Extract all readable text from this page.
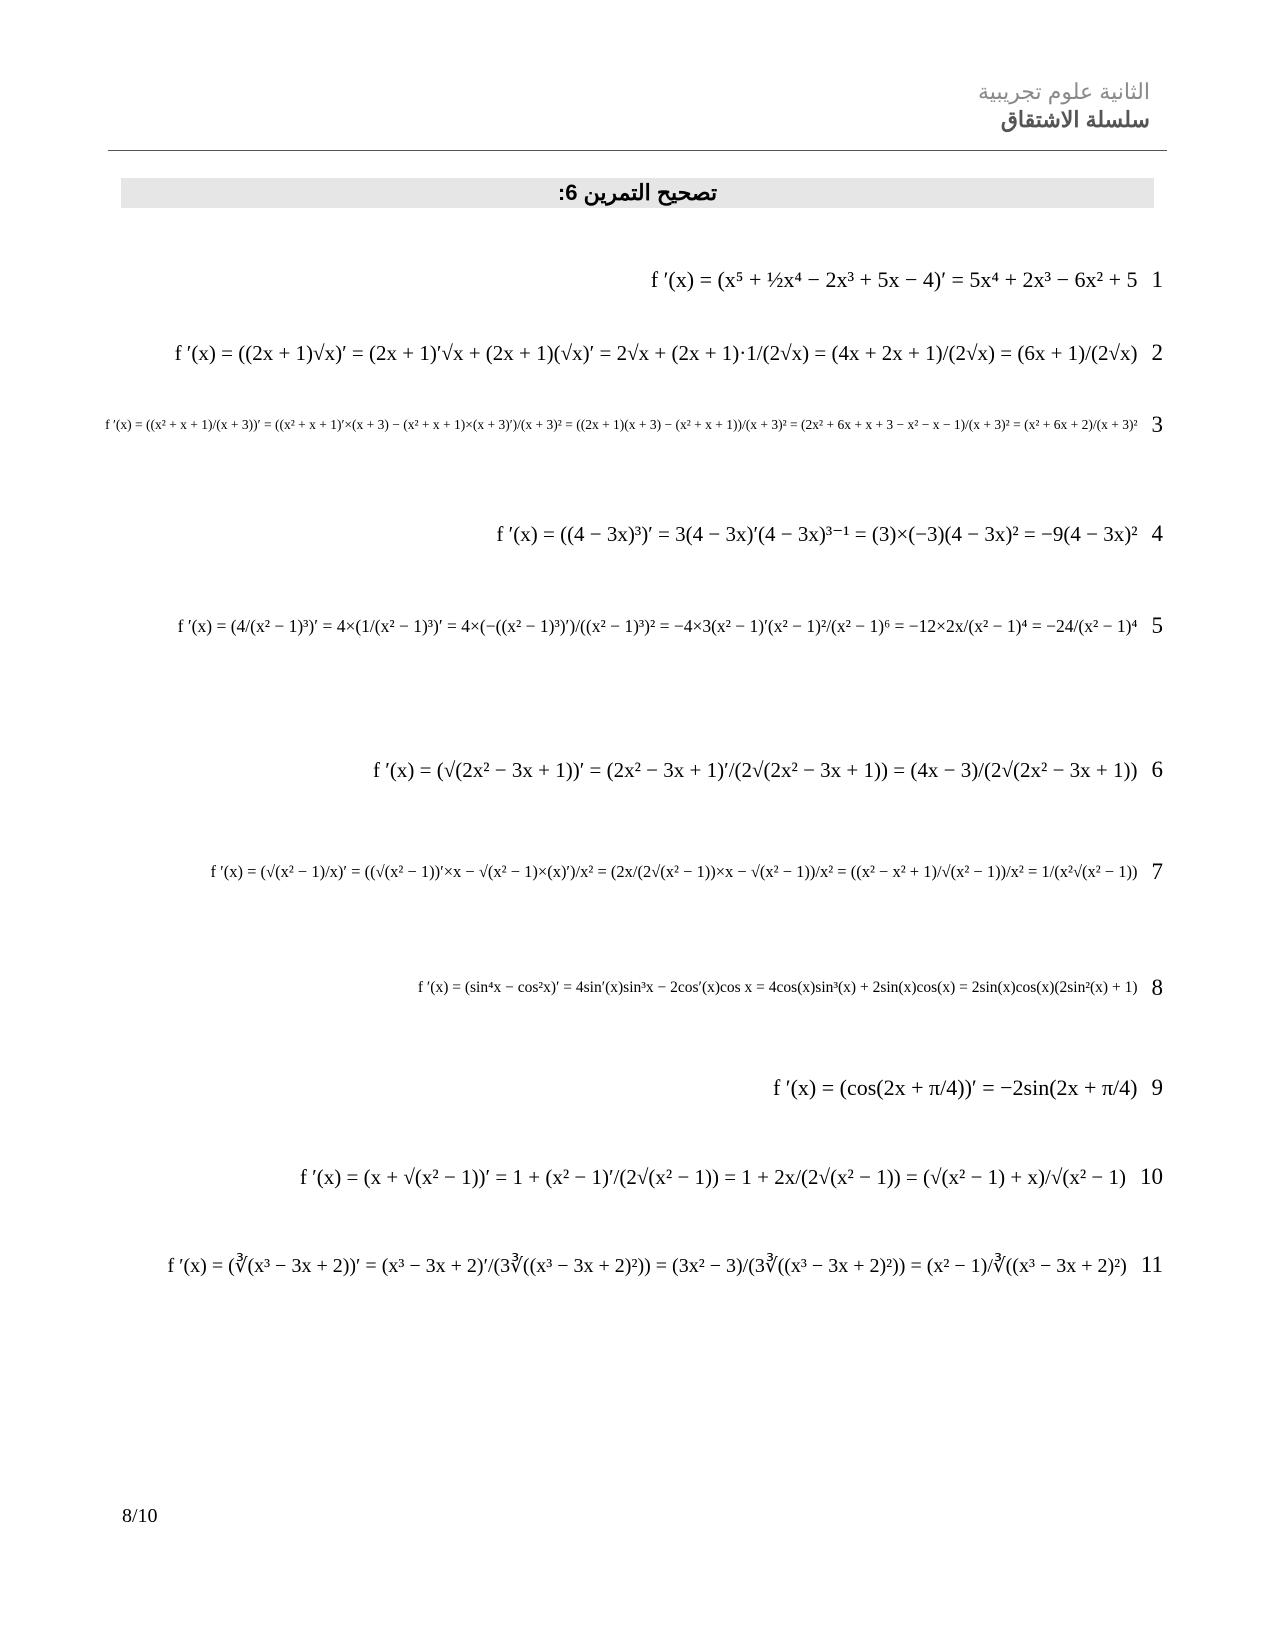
الثانية علوم تجريبية
سلسلة الاشتقاق
تصحيح التمرين 6:
f ′(x) = (x⁵ + ½x⁴ − 2x³ + 5x − 4)′ = 5x⁴ + 2x³ − 6x² + 5 1
f ′(x) = ((2x + 1)√x)′ = (2x + 1)′√x + (2x + 1)(√x)′ = 2√x + (2x + 1)·1/(2√x) = (4x + 2x + 1)/(2√x) = (6x + 1)/(2√x) 2
f ′(x) = ((x² + x + 1)/(x + 3))′ = ((x² + x + 1)′×(x + 3) − (x² + x + 1)×(x + 3)′)/(x + 3)² = ((2x + 1)(x + 3) − (x² + x + 1))/(x + 3)² = (2x² + 6x + x + 3 − x² − x − 1)/(x + 3)² = (x² + 6x + 2)/(x + 3)² 3
f ′(x) = ((4 − 3x)³)′ = 3(4 − 3x)′(4 − 3x)³⁻¹ = (3)×(−3)(4 − 3x)² = −9(4 − 3x)² 4
f ′(x) = (4/(x² − 1)³)′ = 4×(1/(x² − 1)³)′ = 4×(−((x² − 1)³)′)/((x² − 1)³)² = −4×3(x² − 1)′(x² − 1)²/(x² − 1)⁶ = −12×2x/(x² − 1)⁴ = −24/(x² − 1)⁴ 5
f ′(x) = (√(2x² − 3x + 1))′ = (2x² − 3x + 1)′/(2√(2x² − 3x + 1)) = (4x − 3)/(2√(2x² − 3x + 1)) 6
f ′(x) = (√(x² − 1)/x)′ = ((√(x² − 1))′×x − √(x² − 1)×(x)′)/x² = (2x/(2√(x² − 1))×x − √(x² − 1))/x² = ((x² − x² + 1)/√(x² − 1))/x² = 1/(x²√(x² − 1)) 7
f ′(x) = (sin⁴x − cos²x)′ = 4sin′(x)sin³x − 2cos′(x)cos x = 4cos(x)sin³(x) + 2sin(x)cos(x) = 2sin(x)cos(x)(2sin²(x) + 1) 8
f ′(x) = (cos(2x + π/4))′ = −2sin(2x + π/4) 9
f ′(x) = (x + √(x² − 1))′ = 1 + (x² − 1)′/(2√(x² − 1)) = 1 + 2x/(2√(x² − 1)) = (√(x² − 1) + x)/√(x² − 1) 10
f ′(x) = (∛(x³ − 3x + 2))′ = (x³ − 3x + 2)′/(3∛((x³ − 3x + 2)²)) = (3x² − 3)/(3∛((x³ − 3x + 2)²)) = (x² − 1)/∛((x³ − 3x + 2)²) 11
8/10
